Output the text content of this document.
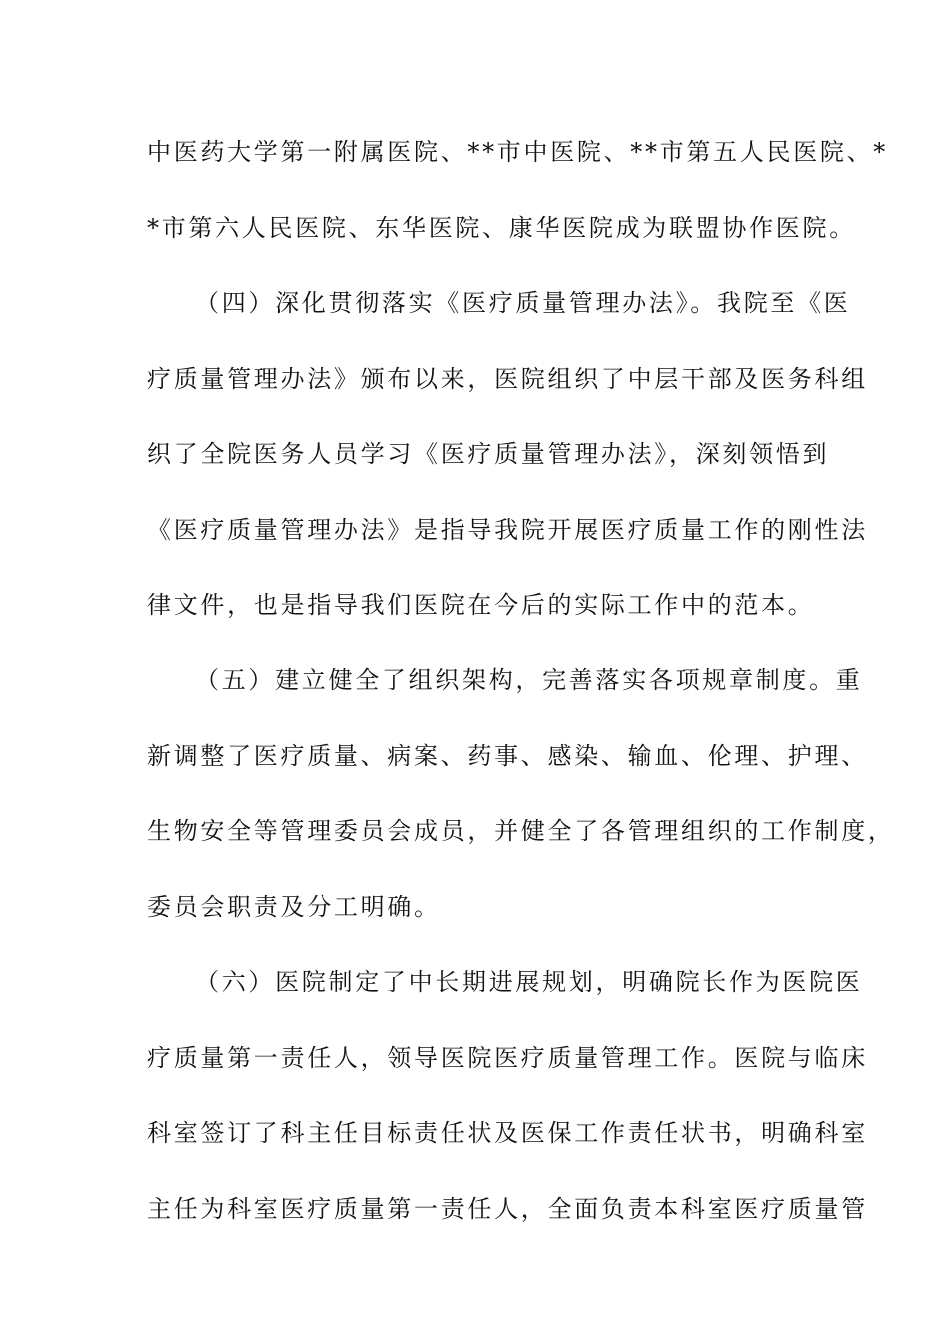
中医药大学第一附属医院、**市中医院、**市第五人民医院、*
*市第六人民医院、东华医院、康华医院成为联盟协作医院。
（四）深化贯彻落实《医疗质量管理办法》。我院至《医
疗质量管理办法》颁布以来，医院组织了中层干部及医务科组
织了全院医务人员学习《医疗质量管理办法》，深刻领悟到
《医疗质量管理办法》是指导我院开展医疗质量工作的刚性法
律文件，也是指导我们医院在今后的实际工作中的范本。
（五）建立健全了组织架构，完善落实各项规章制度。重
新调整了医疗质量、病案、药事、感染、输血、伦理、护理、
生物安全等管理委员会成员，并健全了各管理组织的工作制度，
委员会职责及分工明确。
（六）医院制定了中长期进展规划，明确院长作为医院医
疗质量第一责任人，领导医院医疗质量管理工作。医院与临床
科室签订了科主任目标责任状及医保工作责任状书，明确科室
主任为科室医疗质量第一责任人，全面负责本科室医疗质量管
